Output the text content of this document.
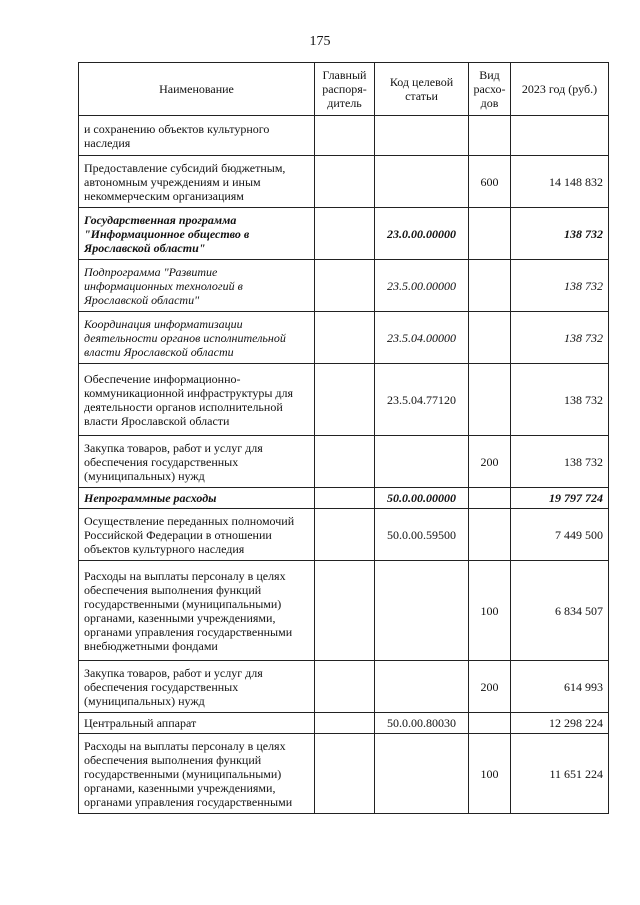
175
Наименование	Главный распоря-дитель	Код целевой статьи	Вид расхо-дов	2023 год (руб.)
и сохранению объектов культурного наследия				
Предоставление субсидий бюджетным, автономным учреждениям и иным некоммерческим организациям			600	14 148 832
Государственная программа "Информационное общество в Ярославской области"		23.0.00.00000		138 732
Подпрограмма "Развитие информационных технологий в Ярославской области"		23.5.00.00000		138 732
Координация информатизации деятельности органов исполнительной власти Ярославской области		23.5.04.00000		138 732
Обеспечение информационно-коммуникационной инфраструктуры для деятельности органов исполнительной власти Ярославской области		23.5.04.77120		138 732
Закупка товаров, работ и услуг для обеспечения государственных (муниципальных) нужд			200	138 732
Непрограммные расходы		50.0.00.00000		19 797 724
Осуществление переданных полномочий Российской Федерации в отношении объектов культурного наследия		50.0.00.59500		7 449 500
Расходы на выплаты персоналу в целях обеспечения выполнения функций государственными (муниципальными) органами, казенными учреждениями, органами управления государственными внебюджетными фондами			100	6 834 507
Закупка товаров, работ и услуг для обеспечения государственных (муниципальных) нужд			200	614 993
Центральный аппарат		50.0.00.80030		12 298 224
Расходы на выплаты персоналу в целях обеспечения выполнения функций государственными (муниципальными) органами, казенными учреждениями, органами управления государственными			100	11 651 224
